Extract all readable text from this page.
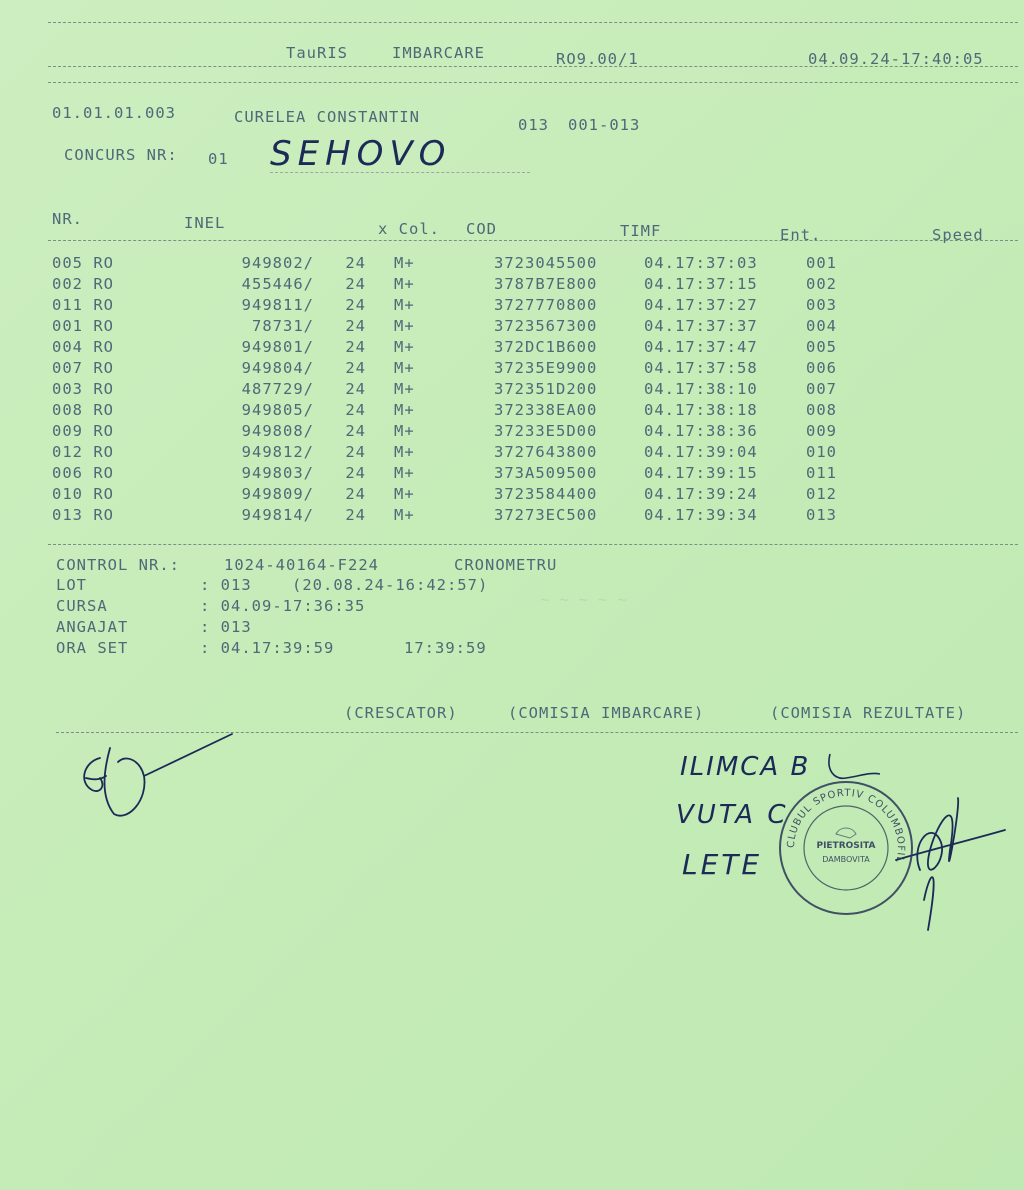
~ ~ ~ ~ ~
TauRIS	IMBARCARE	RO9.00/1	04.09.24-17:40:05
01.01.01.003	CURELEA CONSTANTIN	013 001-013
CONCURS NR: 01 SEHOVO
NR.	INEL	x Col. COD	TIMF	Ent.	Speed
005 RO	949802/	24	M+	3723045500	04.17:37:03	001
002 RO	455446/	24	M+	3787B7E800	04.17:37:15	002
011 RO	949811/	24	M+	3727770800	04.17:37:27	003
001 RO	78731/	24	M+	3723567300	04.17:37:37	004
004 RO	949801/	24	M+	372DC1B600	04.17:37:47	005
007 RO	949804/	24	M+	37235E9900	04.17:37:58	006
003 RO	487729/	24	M+	372351D200	04.17:38:10	007
008 RO	949805/	24	M+	372338EA00	04.17:38:18	008
009 RO	949808/	24	M+	37233E5D00	04.17:38:36	009
012 RO	949812/	24	M+	3727643800	04.17:39:04	010
006 RO	949803/	24	M+	373A509500	04.17:39:15	011
010 RO	949809/	24	M+	3723584400	04.17:39:24	012
013 RO	949814/	24	M+	37273EC500	04.17:39:34	013
CONTROL NR.:	1024-40164-F224	CRONOMETRU
LOT	: 013	(20.08.24-16:42:57)
CURSA	: 04.09-17:36:35
ANGAJAT	: 013
ORA SET	: 04.17:39:59	17:39:59
(CRESCATOR)	(COMISIA IMBARCARE)	(COMISIA REZULTATE)
ILIMCA B
VUTA C
LETE
CLUBUL SPORTIV COLUMBOFIL
PIETROSITA
DAMBOVITA
